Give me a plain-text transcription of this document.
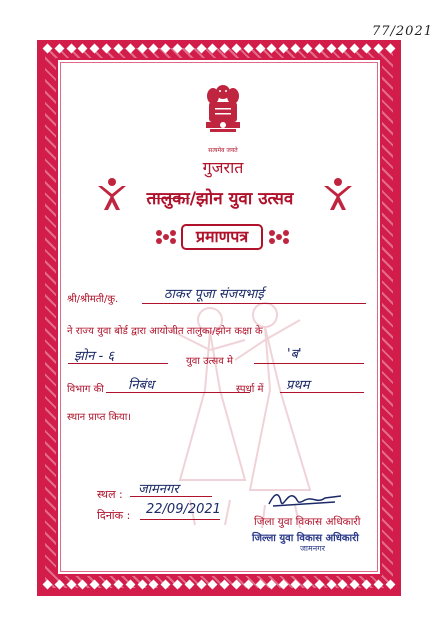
77/2021
सत्यमेव जयते
गुजरात
तालुका/झोन युवा उत्सव
प्रमाणपत्र
श्री/श्रीमती/कु.	ठाकर पूजा संजयभाई
ने राज्य युवा बोर्ड द्वारा आयोजीत तालुका/झोन कक्षा के
झोन - ६	युवा उत्सव मे	'ब'
विभाग की निबंध	स्पर्धा में प्रथम
स्थान प्राप्त किया।
स्थल : जामनगर
दिनांक : 22/09/2021
जिला युवा विकास अधिकारी
जिल्ला युवा विकास अधिकारी
जामनगर
